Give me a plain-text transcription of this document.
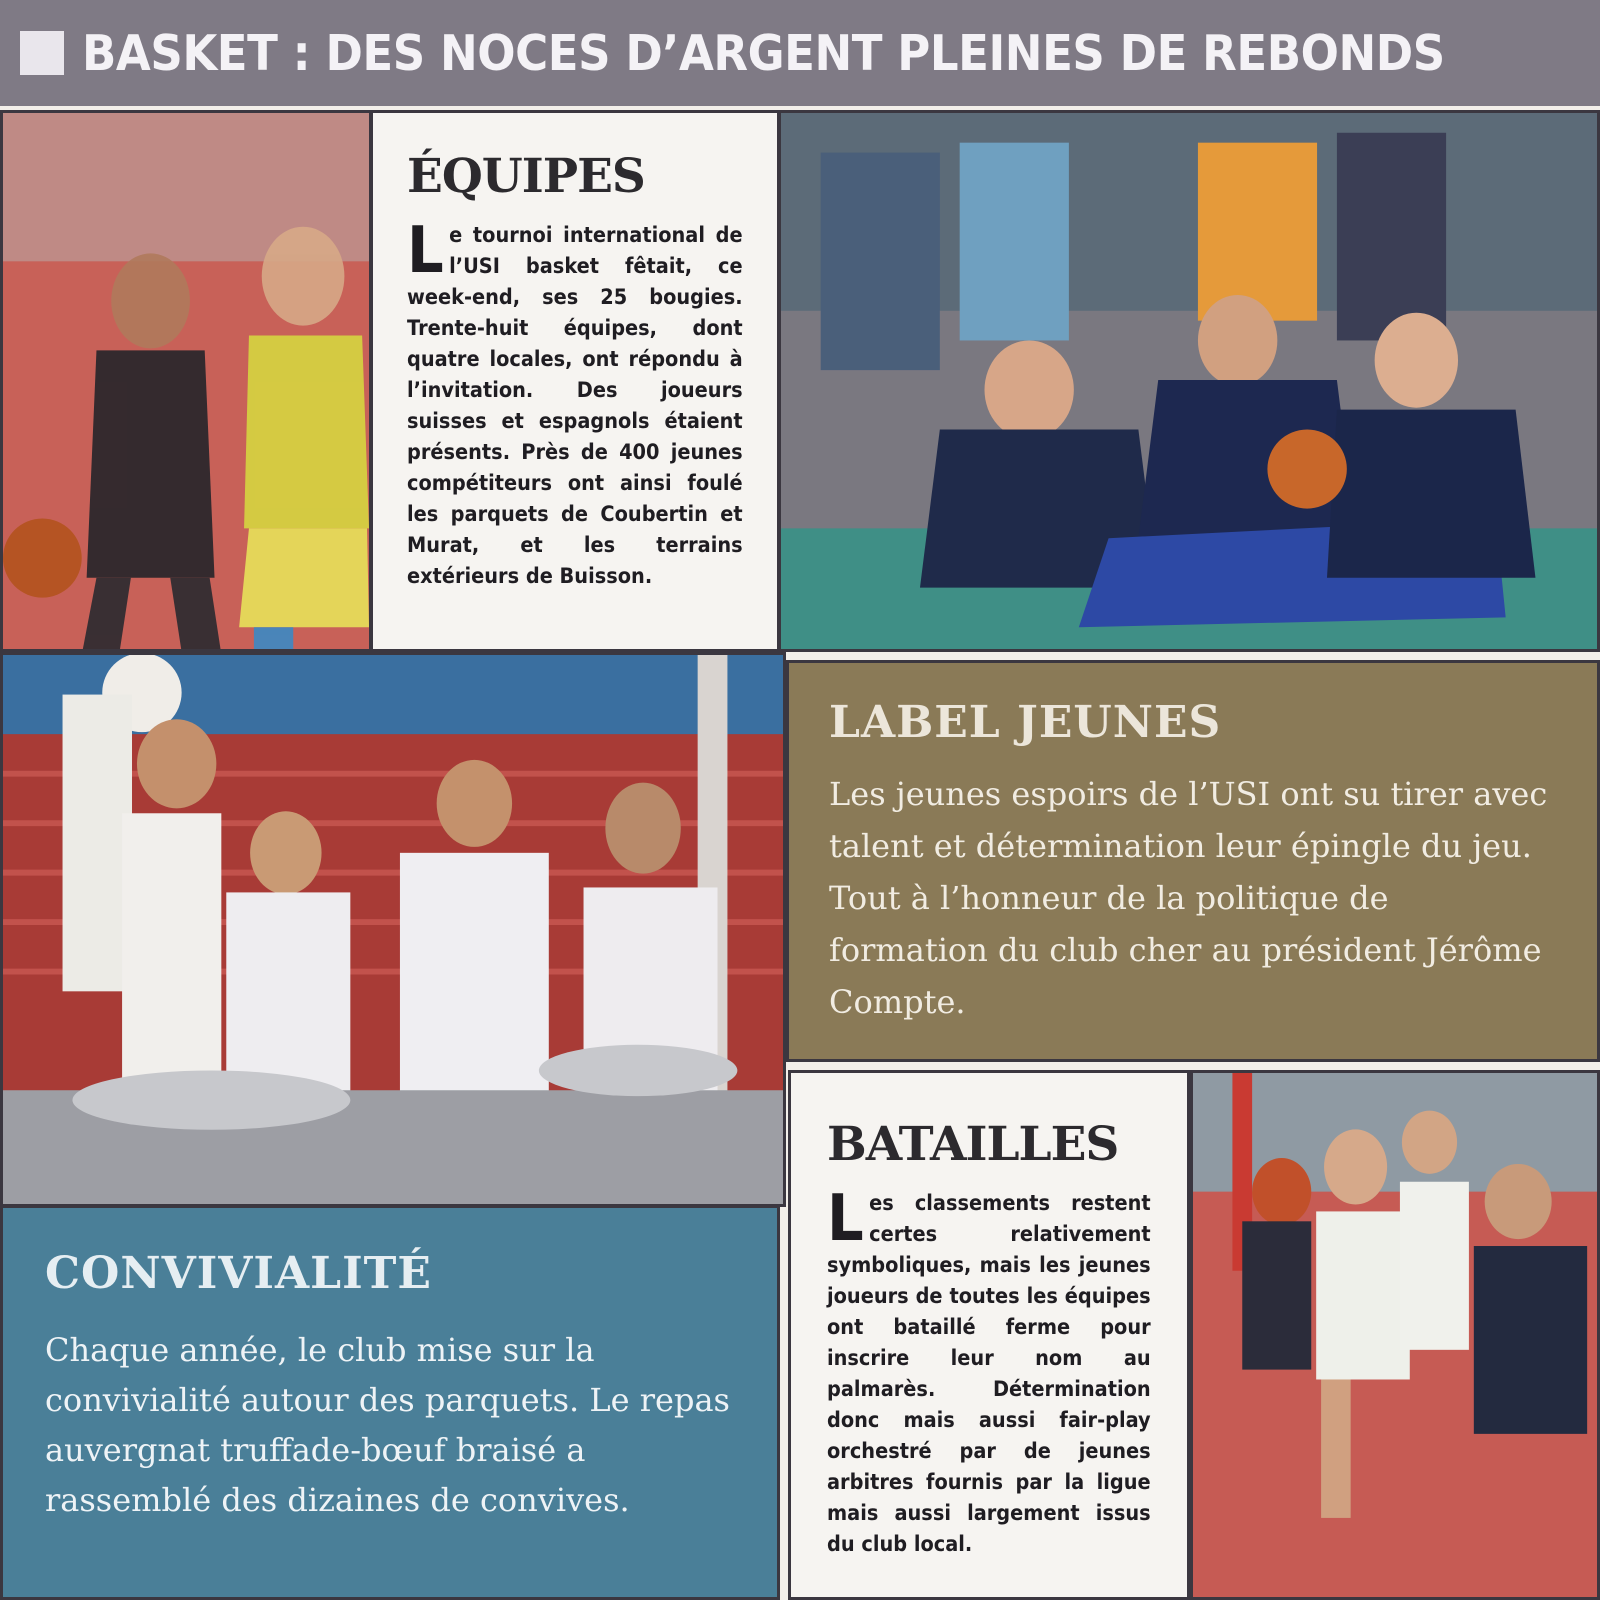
BASKET : DES NOCES D’ARGENT PLEINES DE REBONDS
ÉQUIPES

Le tournoi international de l’USI basket fêtait, ce week-end, ses 25 bougies. Trente-huit équipes, dont quatre locales, ont répondu à l’invitation. Des joueurs suisses et espagnols étaient présents. Près de 400 jeunes compétiteurs ont ainsi foulé les parquets de Coubertin et Murat, et les terrains extérieurs de Buisson.

LABEL JEUNES

Les jeunes espoirs de l’USI ont su tirer avec talent et détermination leur épingle du jeu. Tout à l’honneur de la politique de formation du club cher au président Jérôme Compte.

CONVIVIALITÉ

Chaque année, le club mise sur la convivialité autour des parquets. Le repas auvergnat truffade-bœuf braisé a rassemblé des dizaines de convives.

BATAILLES

Les classements restent certes relativement symboliques, mais les jeunes joueurs de toutes les équipes ont bataillé ferme pour inscrire leur nom au palmarès. Détermination donc mais aussi fair-play orchestré par de jeunes arbitres fournis par la ligue mais aussi largement issus du club local.
